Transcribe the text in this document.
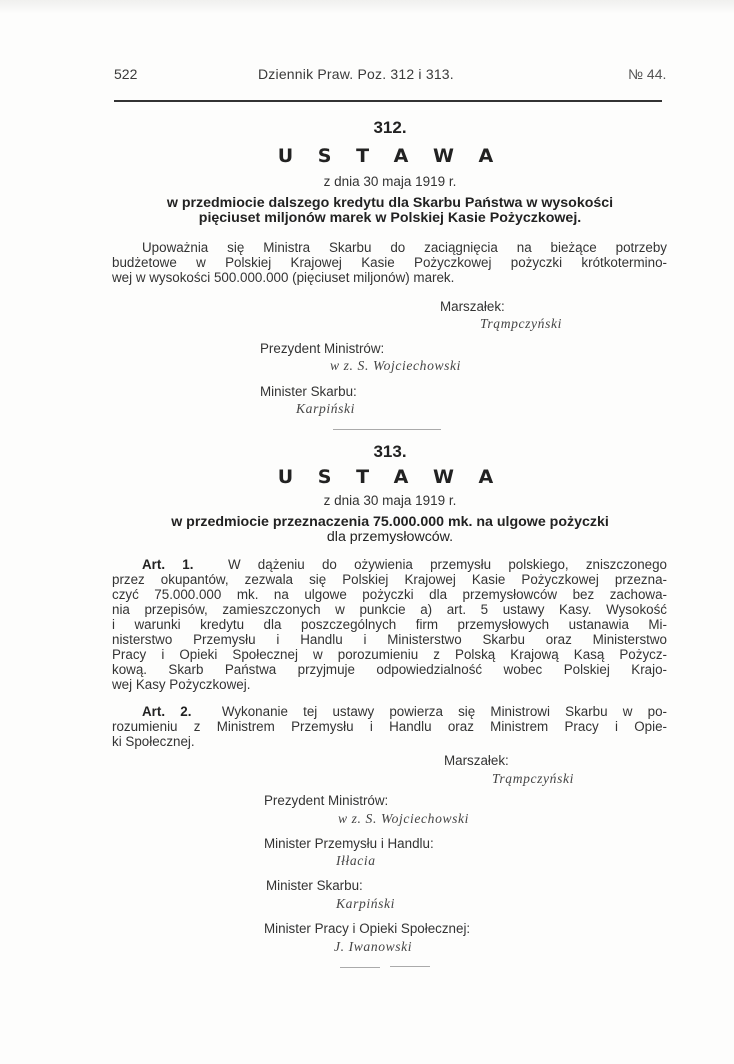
522	Dziennik Praw. Poz. 312 i 313.	№ 44.
312.
U S T A W A
z dnia 30 maja 1919 r.
w przedmiocie dalszego kredytu dla Skarbu Państwa w wysokości
pięciuset miljonów marek w Polskiej Kasie Pożyczkowej.
Upoważnia się Ministra Skarbu do zaciągnięcia na bieżące potrzeby
budżetowe w Polskiej Krajowej Kasie Pożyczkowej pożyczki krótkotermino-
wej w wysokości 500.000.000 (pięciuset miljonów) marek.
Marszałek:
Trąmpczyński
Prezydent Ministrów:
w z. S. Wojciechowski
Minister Skarbu:
Karpiński
313.
U S T A W A
z dnia 30 maja 1919 r.
w przedmiocie przeznaczenia 75.000.000 mk. na ulgowe pożyczki
dla przemysłowców.
Art. 1.	W dążeniu do ożywienia przemysłu polskiego, zniszczonego
przez okupantów, zezwala się Polskiej Krajowej Kasie Pożyczkowej przezna-
czyć 75.000.000 mk. na ulgowe pożyczki dla przemysłowców bez zachowa-
nia przepisów, zamieszczonych w punkcie a) art. 5 ustawy Kasy. Wysokość
i warunki kredytu dla poszczególnych firm przemysłowych ustanawia Mi-
nisterstwo Przemysłu i Handlu i Ministerstwo Skarbu oraz Ministerstwo
Pracy i Opieki Społecznej w porozumieniu z Polską Krajową Kasą Pożycz-
kową. Skarb Państwa przyjmuje odpowiedzialność wobec Polskiej Krajo-
wej Kasy Pożyczkowej.
Art. 2. Wykonanie tej ustawy powierza się Ministrowi Skarbu w po-
rozumieniu z Ministrem Przemysłu i Handlu oraz Ministrem Pracy i Opie-
ki Społecznej.
Marszałek:
Trąmpczyński
Prezydent Ministrów:
w z. S. Wojciechowski
Minister Przemysłu i Handlu:
Iłłacia
Minister Skarbu:
Karpiński
Minister Pracy i Opieki Społecznej:
J. Iwanowski
